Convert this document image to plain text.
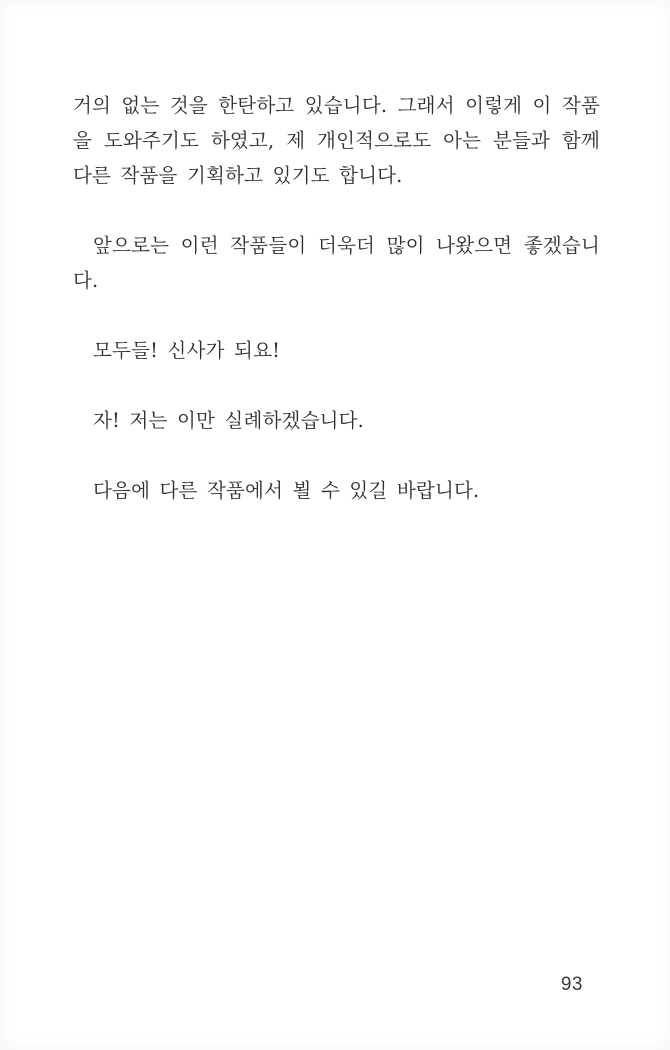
거의 없는 것을 한탄하고 있습니다. 그래서 이렇게 이 작품
을 도와주기도 하였고, 제 개인적으로도 아는 분들과 함께
다른 작품을 기획하고 있기도 합니다.
앞으로는 이런 작품들이 더욱더 많이 나왔으면 좋겠습니
다.
모두들! 신사가 되요!
자! 저는 이만 실례하겠습니다.
다음에 다른 작품에서 뵐 수 있길 바랍니다.
93
